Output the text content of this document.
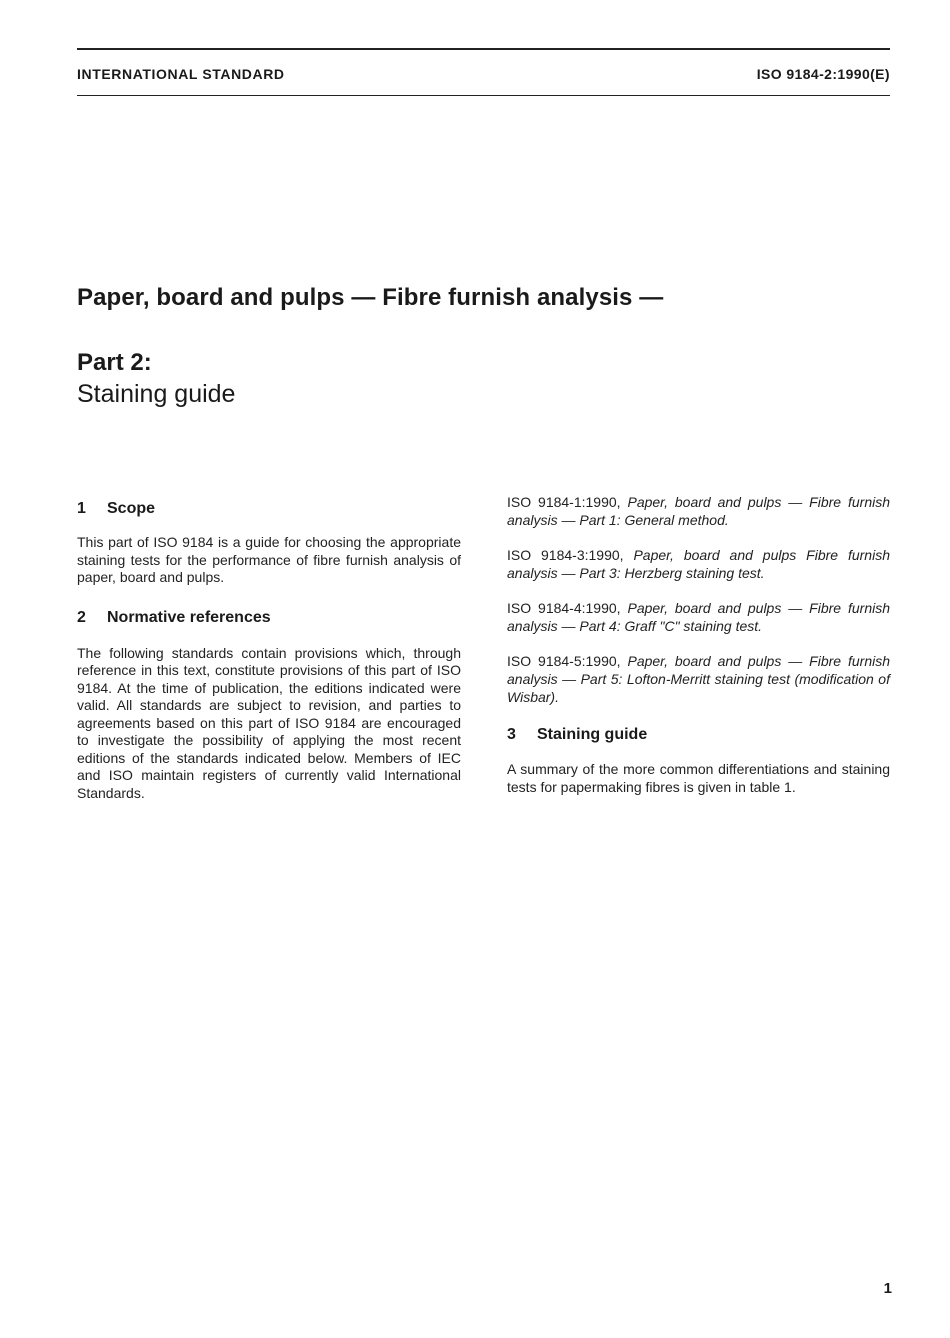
INTERNATIONAL STANDARD	ISO 9184-2:1990(E)
Paper, board and pulps — Fibre furnish analysis —
Part 2:
Staining guide
1	Scope

This part of ISO 9184 is a guide for choosing the appropriate staining tests for the performance of fibre furnish analysis of paper, board and pulps.

2	Normative references

The following standards contain provisions which, through reference in this text, constitute provisions of this part of ISO 9184. At the time of publication, the editions indicated were valid. All standards are subject to revision, and parties to agreements based on this part of ISO 9184 are encouraged to investigate the possibility of applying the most recent editions of the standards indicated below. Members of IEC and ISO maintain registers of currently valid International Standards.

ISO 9184-1:1990, Paper, board and pulps — Fibre furnish analysis — Part 1: General method.

ISO 9184-3:1990, Paper, board and pulps Fibre furnish analysis — Part 3: Herzberg staining test.

ISO 9184-4:1990, Paper, board and pulps — Fibre furnish analysis — Part 4: Graff "C" staining test.

ISO 9184-5:1990, Paper, board and pulps — Fibre furnish analysis — Part 5: Lofton-Merritt staining test (modification of Wisbar).

3	Staining guide

A summary of the more common differentiations and staining tests for papermaking fibres is given in table 1.

1
